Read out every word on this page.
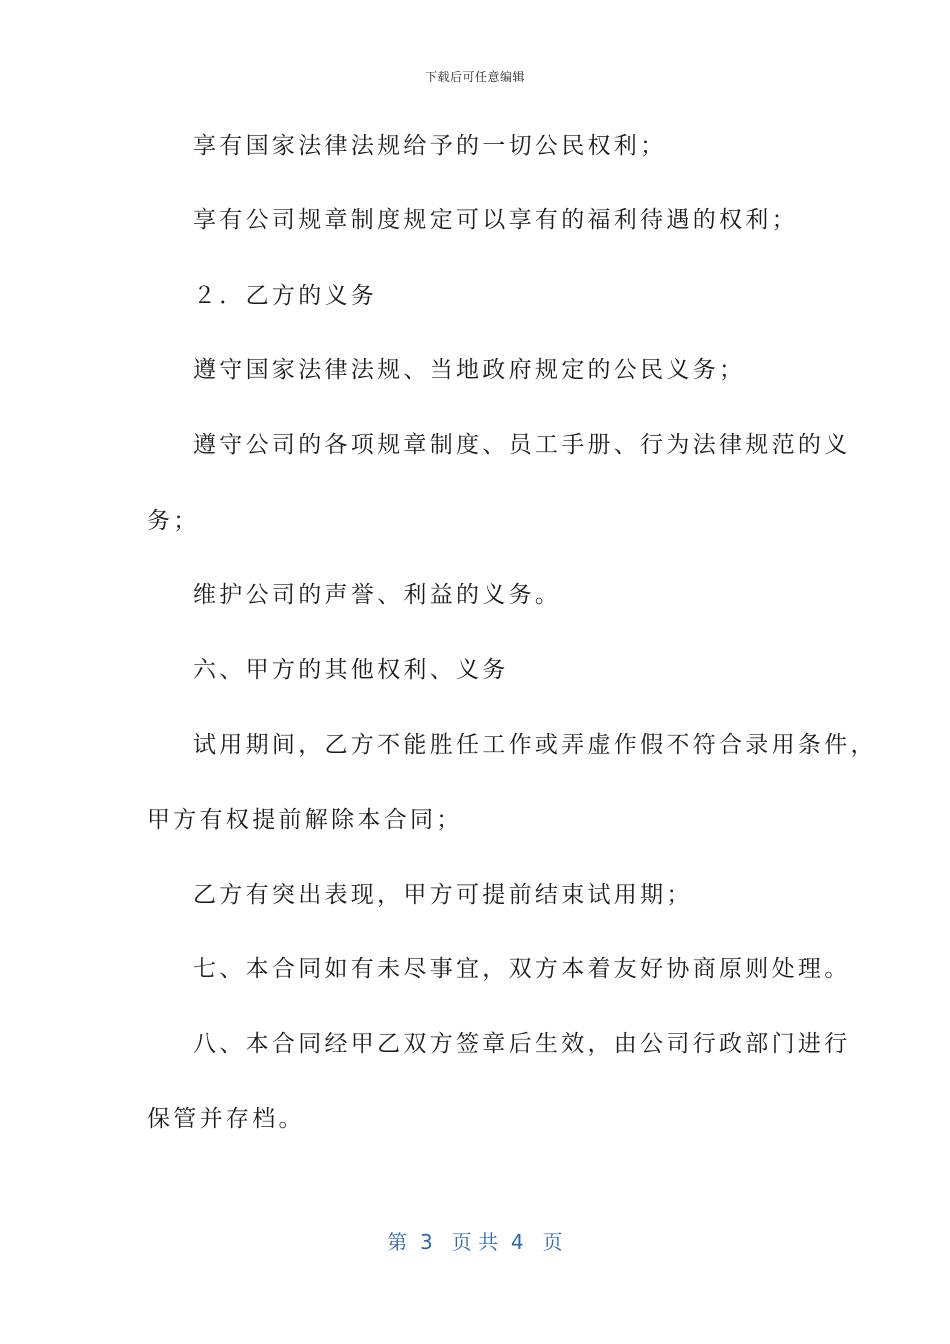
下载后可任意编辑
享有国家法律法规给予的一切公民权利；
享有公司规章制度规定可以享有的福利待遇的权利；
２．乙方的义务
遵守国家法律法规、当地政府规定的公民义务；
遵守公司的各项规章制度、员工手册、行为法律规范的义
务；
维护公司的声誉、利益的义务。
六、甲方的其他权利、义务
试用期间，乙方不能胜任工作或弄虚作假不符合录用条件，
甲方有权提前解除本合同；
乙方有突出表现，甲方可提前结束试用期；
七、本合同如有未尽事宜，双方本着友好协商原则处理。
八、本合同经甲乙双方签章后生效，由公司行政部门进行
保管并存档。
第  3   页 共  4   页
